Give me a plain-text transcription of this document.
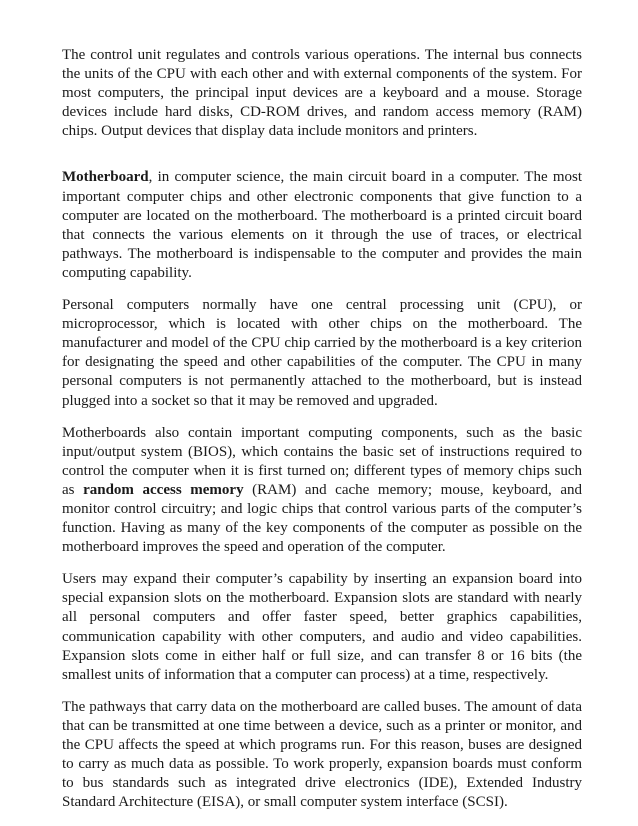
The control unit regulates and controls various operations. The internal bus connects the units of the CPU with each other and with external components of the system. For most computers, the principal input devices are a keyboard and a mouse. Storage devices include hard disks, CD-ROM drives, and random access memory (RAM) chips. Output devices that display data include monitors and printers.

Motherboard, in computer science, the main circuit board in a computer. The most important computer chips and other electronic components that give function to a computer are located on the motherboard. The motherboard is a printed circuit board that connects the various elements on it through the use of traces, or electrical pathways. The motherboard is indispensable to the computer and provides the main computing capability.

Personal computers normally have one central processing unit (CPU), or microprocessor, which is located with other chips on the motherboard. The manufacturer and model of the CPU chip carried by the motherboard is a key criterion for designating the speed and other capabilities of the computer. The CPU in many personal computers is not permanently attached to the motherboard, but is instead plugged into a socket so that it may be removed and upgraded.

Motherboards also contain important computing components, such as the basic input/output system (BIOS), which contains the basic set of instructions required to control the computer when it is first turned on; different types of memory chips such as random access memory (RAM) and cache memory; mouse, keyboard, and monitor control circuitry; and logic chips that control various parts of the computer’s function. Having as many of the key components of the computer as possible on the motherboard improves the speed and operation of the computer.

Users may expand their computer’s capability by inserting an expansion board into special expansion slots on the motherboard. Expansion slots are standard with nearly all personal computers and offer faster speed, better graphics capabilities, communication capability with other computers, and audio and video capabilities. Expansion slots come in either half or full size, and can transfer 8 or 16 bits (the smallest units of information that a computer can process) at a time, respectively.

The pathways that carry data on the motherboard are called buses. The amount of data that can be transmitted at one time between a device, such as a printer or monitor, and the CPU affects the speed at which programs run. For this reason, buses are designed to carry as much data as possible. To work properly, expansion boards must conform to bus standards such as integrated drive electronics (IDE), Extended Industry Standard Architecture (EISA), or small computer system interface (SCSI).
